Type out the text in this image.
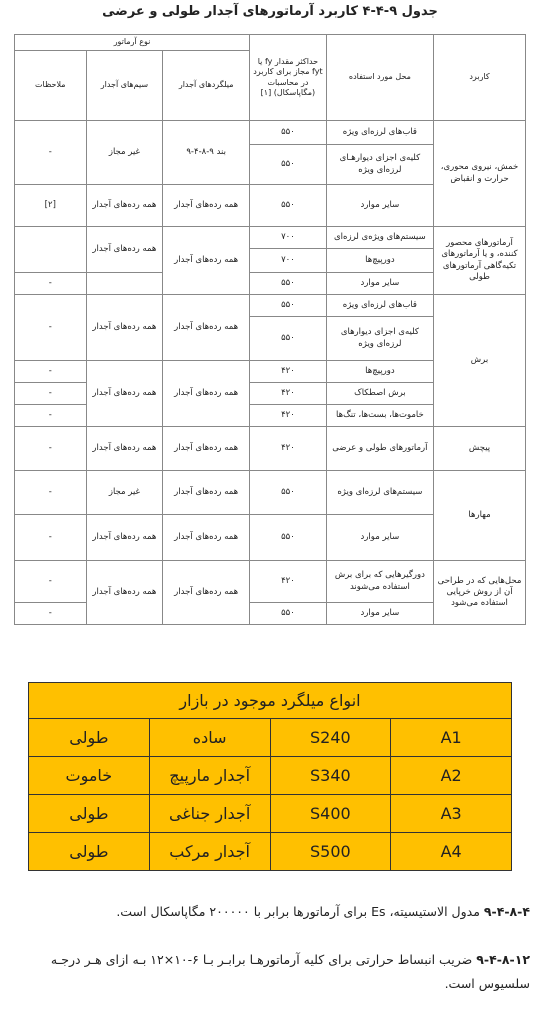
جدول ۹-۴-۴ کاربرد آرماتورهای آجدار طولی و عرضی
کاربرد	محل مورد استفاده	حداکثر مقدار fy یا fyt مجاز برای کاربرد در محاسبات (مگاپاسکال) [۱]	نوع آرماتور		
			میلگردهای آجدار	سیم‌های آجدار	ملاحظات
خمش، نیروی محوری، حرارت و انقباض	قاب‌های لرزه‌ای ویژه	۵۵۰	بند ۹-۸-۴-۹	غیر مجاز	-
	کلیه‌ی اجزای دیوارهـای لرزه‌ای ویژه	۵۵۰			
	سایر موارد	۵۵۰	همه رده‌های آجدار	همه رده‌های آجدار	[۲]
آرماتورهای محصور کننده، و یا آرماتورهای تکیه‌گاهی آرماتورهای طولی	سیستم‌های ویژه‌ی لرزه‌ای	۷۰۰	همه رده‌های آجدار	همه رده‌های آجدار	
	دورپیچ‌ها	۷۰۰			
	سایر موارد	۵۵۰			-
برش	قاب‌های لرزه‌ای ویژه	۵۵۰	همه رده‌های آجدار	همه رده‌های آجدار	-
	کلیه‌ی اجزای دیوارهای لرزه‌ای ویژه	۵۵۰			
	دورپیچ‌ها	۴۲۰	همه رده‌های آجدار	همه رده‌های آجدار	-
	برش اصطکاک	۴۲۰			-
	خاموت‌ها، بست‌ها، تنگ‌ها	۴۲۰			-
پیچش	آرماتورهای طولی و عرضی	۴۲۰	همه رده‌های آجدار	همه رده‌های آجدار	-
مهارها	سیستم‌های لرزه‌ای ویژه	۵۵۰	همه رده‌های آجدار	غیر مجاز	-
	سایر موارد	۵۵۰	همه رده‌های آجدار	همه رده‌های آجدار	-
محل‌هایی که در طراحی آن از روش خرپایی استفاده می‌شود	دورگیرهایی که برای برش استفاده می‌شوند	۴۲۰	همه رده‌های آجدار	همه رده‌های آجدار	-
	سایر موارد	۵۵۰			-
انواع میلگرد موجود در بازار			
A1	S240	ساده	طولی
A2	S340	آجدار مارپیچ	خاموت
A3	S400	آجدار جناغی	طولی
A4	S500	آجدار مرکب	طولی
۹-۴-۸-۴ مدول الاستیسیته، Es برای آرماتورها برابر با ۲۰۰۰۰۰ مگاپاسکال است.
۹-۴-۸-۱۲ ضریب انبساط حرارتی برای کلیه آرماتورهـا برابـر بـا ۶-۱۰×۱۲ بـه ازای هـر درجـه سلسیوس است.
